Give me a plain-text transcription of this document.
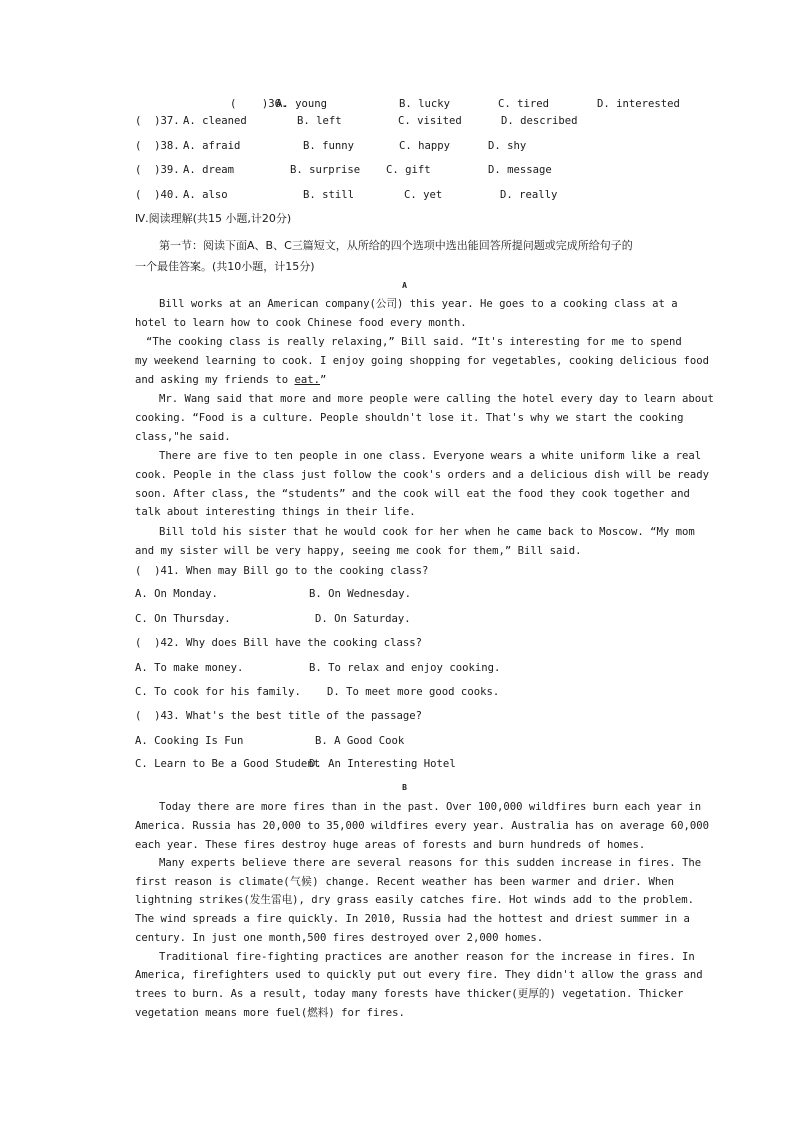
(    )36.
A. young	B. lucky	C. tired	D. interested
(  )37. A. cleaned	B. left	C. visited	D. described
(  )38. A. afraid	B. funny	C. happy	D. shy
(  )39. A. dream	B. surprise C. gift	D. message
(  )40. A. also	B. still	C. yet	D. really
Ⅳ.阅读理解(共15 小题,计20分)
第一节：阅读下面A、B、C三篇短文，从所给的四个选项中选出能回答所提问题或完成所给句子的
一个最佳答案。(共10小题，计15分)
A
Bill works at an American company(公司) this year. He goes to a cooking class at a
hotel to learn how to cook Chinese food every month.
“The cooking class is really relaxing,” Bill said. “It's interesting for me to spend
my weekend learning to cook. I enjoy going shopping for vegetables, cooking delicious food
and asking my friends to eat.”
Mr. Wang said that more and more people were calling the hotel every day to learn about
cooking. “Food is a culture. People shouldn't lose it. That's why we start the cooking
class,"he said.
There are five to ten people in one class. Everyone wears a white uniform like a real
cook. People in the class just follow the cook's orders and a delicious dish will be ready
soon. After class, the “students” and the cook will eat the food they cook together and
talk about interesting things in their life.
Bill told his sister that he would cook for her when he came back to Moscow. “My mom
and my sister will be very happy, seeing me cook for them,” Bill said.
(  )41. When may Bill go to the cooking class?
A. On Monday.	B. On Wednesday.
C. On Thursday.	D. On Saturday.
(  )42. Why does Bill have the cooking class?
A. To make money.	B. To relax and enjoy cooking.
C. To cook for his family. D. To meet more good cooks.
(  )43. What's the best title of the passage?
A. Cooking Is Fun	B. A Good Cook
C. Learn to Be a Good Student
D. An Interesting Hotel
B
Today there are more fires than in the past. Over 100,000 wildfires burn each year in
America. Russia has 20,000 to 35,000 wildfires every year. Australia has on average 60,000
each year. These fires destroy huge areas of forests and burn hundreds of homes.
Many experts believe there are several reasons for this sudden increase in fires. The
first reason is climate(气候) change. Recent weather has been warmer and drier. When
lightning strikes(发生雷电), dry grass easily catches fire. Hot winds add to the problem.
The wind spreads a fire quickly. In 2010, Russia had the hottest and driest summer in a
century. In just one month,500 fires destroyed over 2,000 homes.
Traditional fire-fighting practices are another reason for the increase in fires. In
America, firefighters used to quickly put out every fire. They didn't allow the grass and
trees to burn. As a result, today many forests have thicker(更厚的) vegetation. Thicker
vegetation means more fuel(燃料) for fires.
